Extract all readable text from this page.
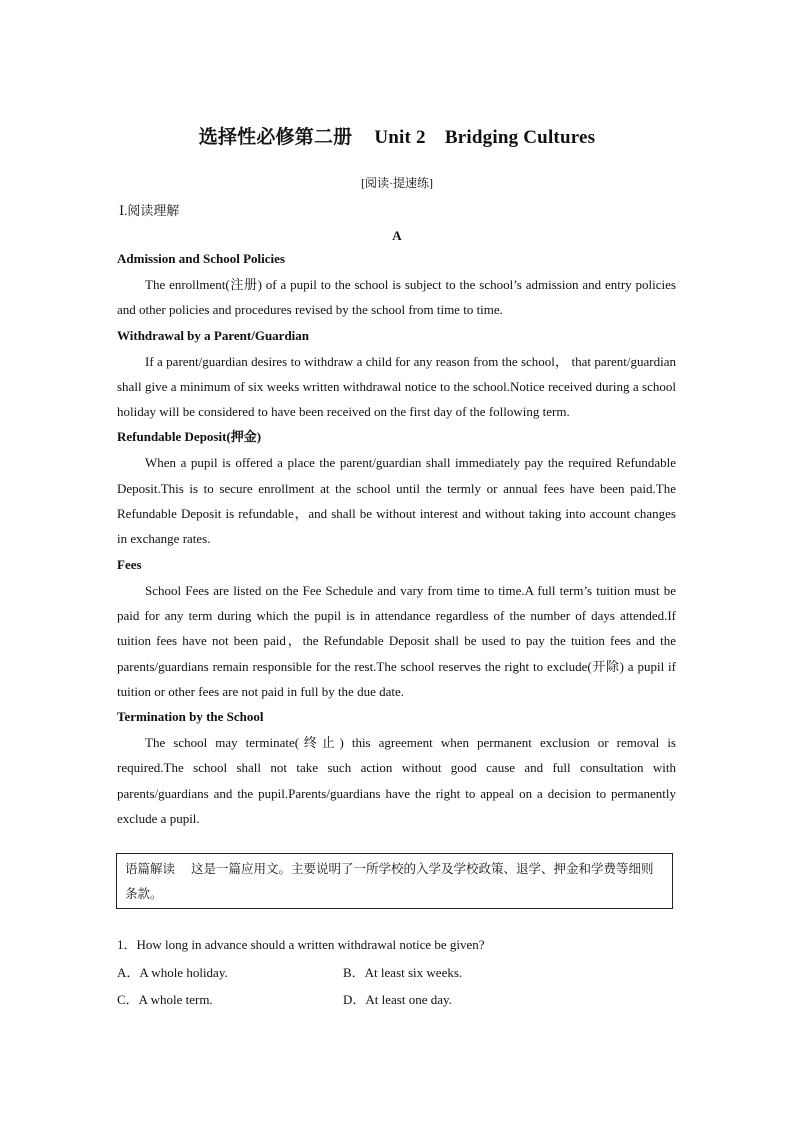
选择性必修第二册 Unit 2 Bridging Cultures
[阅读·提速练]
Ⅰ.阅读理解
A
Admission and School Policies

The enrollment(注册) of a pupil to the school is subject to the school’s admission and entry policies and other policies and procedures revised by the school from time to time.

Withdrawal by a Parent/Guardian

If a parent/guardian desires to withdraw a child for any reason from the school， that parent/guardian shall give a minimum of six weeks written withdrawal notice to the school.Notice received during a school holiday will be considered to have been received on the first day of the following term.

Refundable Deposit(押金)

When a pupil is offered a place the parent/guardian shall immediately pay the required Refundable Deposit.This is to secure enrollment at the school until the termly or annual fees have been paid.The Refundable Deposit is refundable，and shall be without interest and without taking into account changes in exchange rates.

Fees

School Fees are listed on the Fee Schedule and vary from time to time.A full term’s tuition must be paid for any term during which the pupil is in attendance regardless of the number of days attended.If tuition fees have not been paid，the Refundable Deposit shall be used to pay the tuition fees and the parents/guardians remain responsible for the rest.The school reserves the right to exclude(开除) a pupil if tuition or other fees are not paid in full by the due date.

Termination by the School

The school may terminate(终止) this agreement when permanent exclusion or removal is required.The school shall not take such action without good cause and full consultation with parents/guardians and the pupil.Parents/guardians have the right to appeal on a decision to permanently exclude a pupil.

语篇解读 这是一篇应用文。主要说明了一所学校的入学及学校政策、退学、押金和学费等细则条款。
1．How long in advance should a written withdrawal notice be given?
A．A whole holiday.	B．At least six weeks.
C．A whole term.	D．At least one day.
